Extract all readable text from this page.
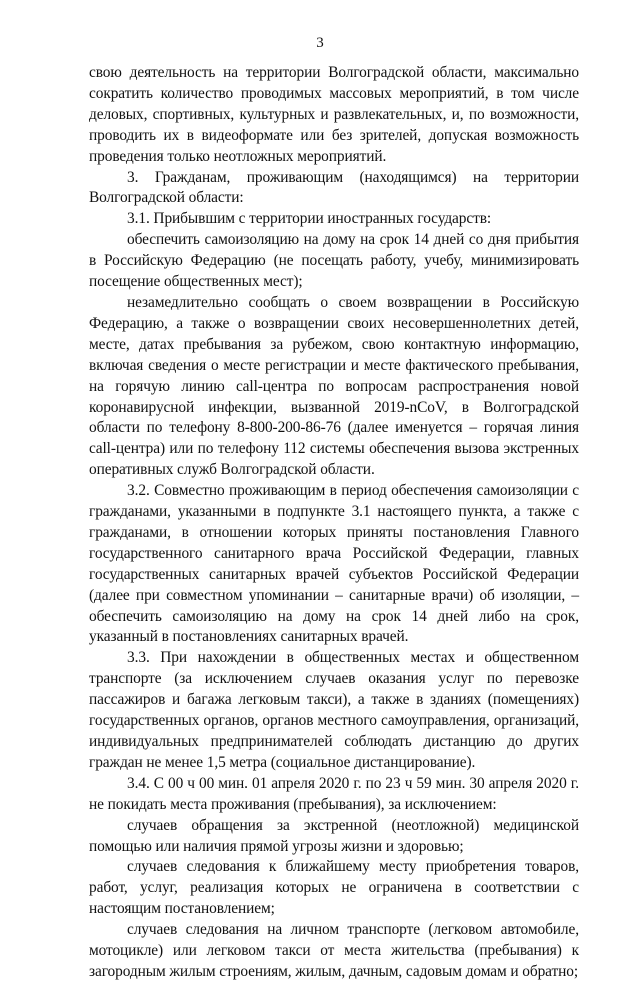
3

свою деятельность на территории Волгоградской области, максимально сократить количество проводимых массовых мероприятий, в том числе деловых, спортивных, культурных и развлекательных, и, по возможности, проводить их в видеоформате или без зрителей, допуская возможность проведения только неотложных мероприятий.

3. Гражданам, проживающим (находящимся) на территории Волгоградской области:

3.1. Прибывшим с территории иностранных государств:

обеспечить самоизоляцию на дому на срок 14 дней со дня прибытия в Российскую Федерацию (не посещать работу, учебу, минимизировать посещение общественных мест);

незамедлительно сообщать о своем возвращении в Российскую Федерацию, а также о возвращении своих несовершеннолетних детей, месте, датах пребывания за рубежом, свою контактную информацию, включая сведения о месте регистрации и месте фактического пребывания, на горячую линию call-центра по вопросам распространения новой коронавирусной инфекции, вызванной 2019-nCoV, в Волгоградской области по телефону 8-800-200-86-76 (далее именуется – горячая линия call-центра) или по телефону 112 системы обеспечения вызова экстренных оперативных служб Волгоградской области.

3.2. Совместно проживающим в период обеспечения самоизоляции с гражданами, указанными в подпункте 3.1 настоящего пункта, а также с гражданами, в отношении которых приняты постановления Главного государственного санитарного врача Российской Федерации, главных государственных санитарных врачей субъектов Российской Федерации (далее при совместном упоминании – санитарные врачи) об изоляции, – обеспечить самоизоляцию на дому на срок 14 дней либо на срок, указанный в постановлениях санитарных врачей.

3.3. При нахождении в общественных местах и общественном транспорте (за исключением случаев оказания услуг по перевозке пассажиров и багажа легковым такси), а также в зданиях (помещениях) государственных органов, органов местного самоуправления, организаций, индивидуальных предпринимателей соблюдать дистанцию до других граждан не менее 1,5 метра (социальное дистанцирование).

3.4. С 00 ч 00 мин. 01 апреля 2020 г. по 23 ч 59 мин. 30 апреля 2020 г. не покидать места проживания (пребывания), за исключением:

случаев обращения за экстренной (неотложной) медицинской помощью или наличия прямой угрозы жизни и здоровью;

случаев следования к ближайшему месту приобретения товаров, работ, услуг, реализация которых не ограничена в соответствии с настоящим постановлением;

случаев следования на личном транспорте (легковом автомобиле, мотоцикле) или легковом такси от места жительства (пребывания) к загородным жилым строениям, жилым, дачным, садовым домам и обратно;
